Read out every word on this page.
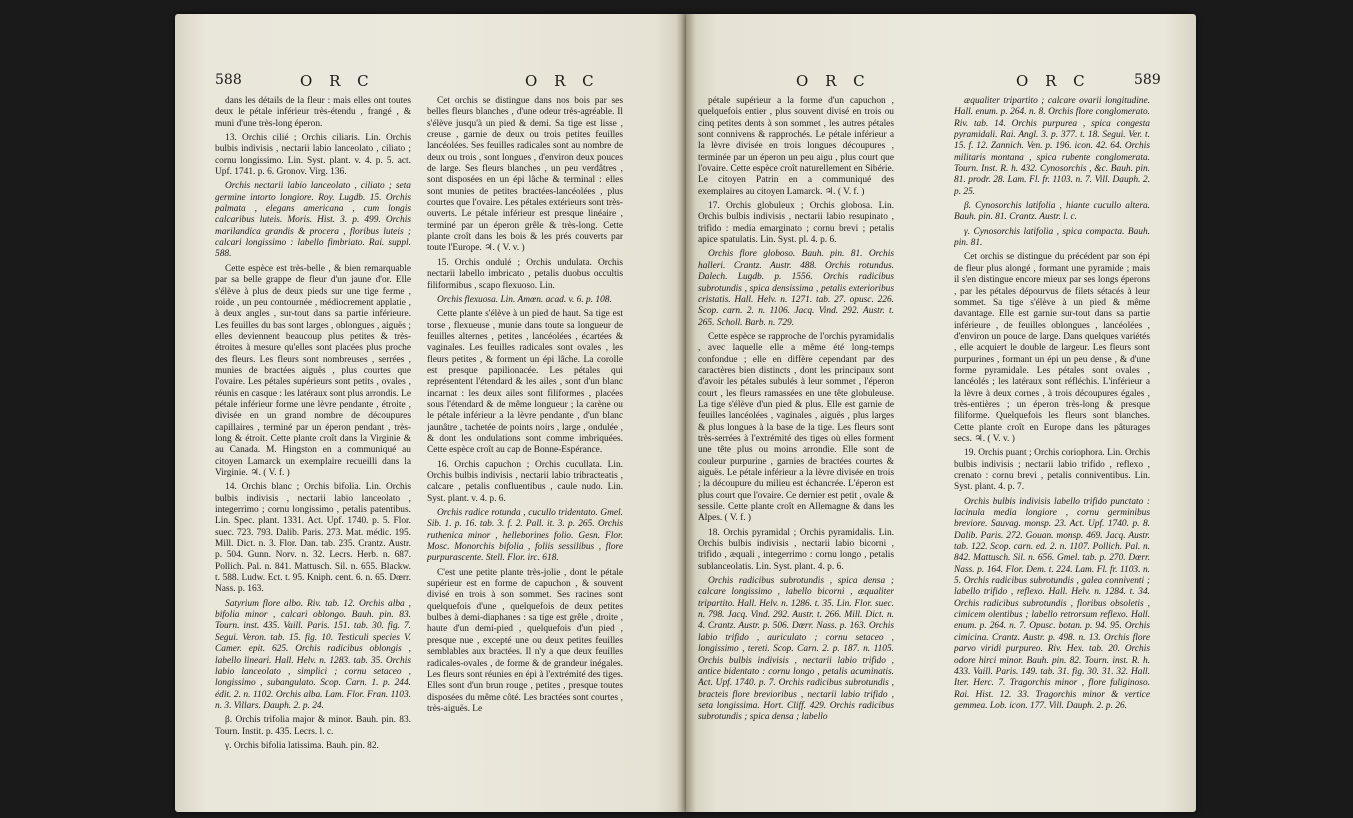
588	O R C	O R C

dans les détails de la fleur : mais elles ont toutes deux le pétale inférieur très-étendu , frangé , & muni d'une très-long éperon.

13. Orchis cilié ; Orchis ciliaris. Lin. Orchis bulbis indivisis , nectarii labio lanceolato , ciliato ; cornu longissimo. Lin. Syst. plant. v. 4. p. 5. act. Upf. 1741. p. 6. Gronov. Virg. 136.

Orchis nectarii labio lanceolato , ciliato ; seta germine intorto longiore. Roy. Lugdb. 15. Orchis palmata , elegans americana , cum longis calcaribus luteis. Moris. Hist. 3. p. 499. Orchis marilandica grandis & procera , floribus luteis ; calcari longissimo : labello fimbriato. Rai. suppl. 588.

Cette espèce est très-belle , & bien remarquable par sa belle grappe de fleur d'un jaune d'or. Elle s'élève à plus de deux pieds sur une tige ferme , roide , un peu contournée , médiocrement applatie , à deux angles , sur-tout dans sa partie inférieure. Les feuilles du bas sont larges , oblongues , aiguës ; elles deviennent beaucoup plus petites & très-étroites à mesure qu'elles sont placées plus proche des fleurs. Les fleurs sont nombreuses , serrées , munies de bractées aiguës , plus courtes que l'ovaire. Les pétales supérieurs sont petits , ovales , réunis en casque : les latéraux sont plus arrondis. Le pétale inférieur forme une lèvre pendante , étroite , divisée en un grand nombre de découpures capillaires , terminé par un éperon pendant , très-long & étroit. Cette plante croît dans la Virginie & au Canada. M. Hingston en a communiqué au citoyen Lamarck un exemplaire recueilli dans la Virginie. ♃. ( V. f. )

14. Orchis blanc ; Orchis bifolia. Lin. Orchis bulbis indivisis , nectarii labio lanceolato , integerrimo ; cornu longissimo , petalis patentibus. Lin. Spec. plant. 1331. Act. Upf. 1740. p. 5. Flor. suec. 723. 793. Dalib. Paris. 273. Mat. médic. 195. Mill. Dict. n. 3. Flor. Dan. tab. 235. Crantz. Austr. p. 504. Gunn. Norv. n. 32. Lecrs. Herb. n. 687. Pollich. Pal. n. 841. Mattusch. Sil. n. 655. Blackw. t. 588. Ludw. Ect. t. 95. Kniph. cent. 6. n. 65. Dœrr. Nass. p. 163.

Satyrium flore albo. Riv. tab. 12. Orchis alba , bifolia minor , calcari oblongo. Bauh. pin. 83. Tourn. inst. 435. Vaill. Paris. 151. tab. 30. fig. 7. Segui. Veron. tab. 15. fig. 10. Testiculi species V. Camer. epit. 625. Orchis radicibus oblongis , labello lineari. Hall. Helv. n. 1283. tab. 35. Orchis labio lanceolato , simplici ; cornu setaceo , longissimo , subangulato. Scop. Carn. 1. p. 244. édit. 2. n. 1102. Orchis alba. Lam. Flor. Fran. 1103. n. 3. Villars. Dauph. 2. p. 24.

β. Orchis trifolia major & minor. Bauh. pin. 83. Tourn. Instit. p. 435. Lecrs. l. c.

γ. Orchis bifolia latissima. Bauh. pin. 82.

Cet orchis se distingue dans nos bois par ses belles fleurs blanches , d'une odeur très-agréable. Il s'élève jusqu'à un pied & demi. Sa tige est lisse , creuse , garnie de deux ou trois petites feuilles lancéolées. Ses feuilles radicales sont au nombre de deux ou trois , sont longues , d'environ deux pouces de large. Ses fleurs blanches , un peu verdâtres , sont disposées en un épi lâche & terminal : elles sont munies de petites bractées-lancéolées , plus courtes que l'ovaire. Les pétales extérieurs sont très-ouverts. Le pétale inférieur est presque linéaire , terminé par un éperon grêle & très-long. Cette plante croît dans les bois & les prés couverts par toute l'Europe. ♃. ( V. v. )

15. Orchis ondulé ; Orchis undulata. Orchis nectarii labello imbricato , petalis duobus occultis filiformibus , scapo flexuoso. Lin.

Orchis flexuosa. Lin. Amœn. acad. v. 6. p. 108.

Cette plante s'élève à un pied de haut. Sa tige est torse , flexueuse , munie dans toute sa longueur de feuilles alternes , petites , lancéolées , écartées & vaginales. Les feuilles radicales sont ovales , les fleurs petites , & forment un épi lâche. La corolle est presque papilionacée. Les pétales qui représentent l'étendard & les ailes , sont d'un blanc incarnat : les deux ailes sont filiformes , placées sous l'étendard & de même longueur ; la carène ou le pétale inférieur a la lèvre pendante , d'un blanc jaunâtre , tachetée de points noirs , large , ondulée , & dont les ondulations sont comme imbriquées. Cette espèce croît au cap de Bonne-Espérance.

16. Orchis capuchon ; Orchis cucullata. Lin. Orchis bulbis indivisis , nectarii labio tribracteatis , calcare , petalis confluentibus , caule nudo. Lin. Syst. plant. v. 4. p. 6.

Orchis radice rotunda , cucullo tridentato. Gmel. Sib. 1. p. 16. tab. 3. f. 2. Pall. it. 3. p. 265. Orchis ruthenica minor , helleborines folio. Gesn. Flor. Mosc. Monorchis bifolia , foliis sessilibus , flore purpurascente. Stell. Flor. irc. 618.

C'est une petite plante très-jolie , dont le pétale supérieur est en forme de capuchon , & souvent divisé en trois à son sommet. Ses racines sont quelquefois d'une , quelquefois de deux petites bulbes à demi-diaphanes : sa tige est grêle , droite , haute d'un demi-pied , quelquefois d'un pied , presque nue , excepté une ou deux petites feuilles semblables aux bractées. Il n'y a que deux feuilles radicales-ovales , de forme & de grandeur inégales. Les fleurs sont réunies en épi à l'extrémité des tiges. Elles sont d'un brun rouge , petites , presque toutes disposées du même côté. Les bractées sont courtes , très-aiguës. Le

O R C	O R C	589

pétale supérieur a la forme d'un capuchon , quelquefois entier , plus souvent divisé en trois ou cinq petites dents à son sommet , les autres pétales sont connivens & rapprochés. Le pétale inférieur a la lèvre divisée en trois longues découpures , terminée par un éperon un peu aigu , plus court que l'ovaire. Cette espèce croît naturellement en Sibérie. Le citoyen Patrin en a communiqué des exemplaires au citoyen Lamarck. ♃. ( V. f. )

17. Orchis globuleux ; Orchis globosa. Lin. Orchis bulbis indivisis , nectarii labio resupinato , trifido : media emarginato ; cornu brevi ; petalis apice spatulatis. Lin. Syst. pl. 4. p. 6.

Orchis flore globoso. Bauh. pin. 81. Orchis halleri. Crantz. Austr. 488. Orchis rotundus. Dalech. Lugdb. p. 1556. Orchis radicibus subrotundis , spica densissima , petalis exterioribus cristatis. Hall. Helv. n. 1271. tab. 27. opusc. 226. Scop. carn. 2. n. 1106. Jacq. Vind. 292. Austr. t. 265. Scholl. Barb. n. 729.

Cette espèce se rapproche de l'orchis pyramidalis , avec laquelle elle a même été long-temps confondue ; elle en diffère cependant par des caractères bien distincts , dont les principaux sont d'avoir les pétales subulés à leur sommet , l'éperon court , les fleurs ramassées en une tête globuleuse. La tige s'élève d'un pied & plus. Elle est garnie de feuilles lancéolées , vaginales , aiguës , plus larges & plus longues à la base de la tige. Les fleurs sont très-serrées à l'extrémité des tiges où elles forment une tête plus ou moins arrondie. Elle sont de couleur purpurine , garnies de bractées courtes & aiguës. Le pétale inférieur a la lèvre divisée en trois ; la découpure du milieu est échancrée. L'éperon est plus court que l'ovaire. Ce dernier est petit , ovale & sessile. Cette plante croît en Allemagne & dans les Alpes. ( V. f. )

18. Orchis pyramidal ; Orchis pyramidalis. Lin. Orchis bulbis indivisis , nectarii labio bicorni , trifido , æquali , integerrimo : cornu longo , petalis sublanceolatis. Lin. Syst. plant. 4. p. 6.

Orchis radicibus subrotundis , spica densa ; calcare longissimo , labello bicorni , æqualiter tripartito. Hall. Helv. n. 1286. t. 35. Lin. Flor. suec. n. 798. Jacq. Vind. 292. Austr. t. 266. Mill. Dict. n. 4. Crantz. Austr. p. 506. Dœrr. Nass. p. 163. Orchis labio trifido , auriculato ; cornu setaceo , longissimo , tereti. Scop. Carn. 2. p. 187. n. 1105. Orchis bulbis indivisis , nectarii labio trifido , antice bidentato : cornu longo , petalis acuminatis. Act. Upf. 1740. p. 7. Orchis radicibus subrotundis , bracteis flore brevioribus , nectarii labio trifido , seta longissima. Hort. Cliff. 429. Orchis radicibus subrotundis ; spica densa ; labello

æqualiter tripartito ; calcare ovarii longitudine. Hall. enum. p. 264. n. 8. Orchis flore conglomerato. Riv. tab. 14. Orchis purpurea , spica congesta pyramidali. Rai. Angl. 3. p. 377. t. 18. Segui. Ver. t. 15. f. 12. Zannich. Ven. p. 196. icon. 42. 64. Orchis militaris montana , spica rubente conglomerata. Tourn. Inst. R. h. 432. Cynosorchis , &c. Bauh. pin. 81. prodr. 28. Lam. Fl. fr. 1103. n. 7. Vill. Dauph. 2. p. 25.

β. Cynosorchis latifolia , hiante cucullo altera. Bauh. pin. 81. Crantz. Austr. l. c.

γ. Cynosorchis latifolia , spica compacta. Bauh. pin. 81.

Cet orchis se distingue du précédent par son épi de fleur plus alongé , formant une pyramide ; mais il s'en distingue encore mieux par ses longs éperons , par les pétales dépourvus de filets sétacés à leur sommet. Sa tige s'élève à un pied & même davantage. Elle est garnie sur-tout dans sa partie inférieure , de feuilles oblongues , lancéolées , d'environ un pouce de large. Dans quelques variétés , elle acquiert le double de largeur. Les fleurs sont purpurines , formant un épi un peu dense , & d'une forme pyramidale. Les pétales sont ovales , lancéolés ; les latéraux sont réfléchis. L'inférieur a la lèvre à deux cornes , à trois découpures égales , très-entières ; un éperon très-long & presque filiforme. Quelquefois les fleurs sont blanches. Cette plante croît en Europe dans les pâturages secs. ♃. ( V. v. )

19. Orchis puant ; Orchis coriophora. Lin. Orchis bulbis indivisis ; nectarii labio trifido , reflexo , crenato : cornu brevi , petalis conniventibus. Lin. Syst. plant. 4. p. 7.

Orchis bulbis indivisis labello trifido punctato : lacinula media longiore , cornu germinibus breviore. Sauvag. monsp. 23. Act. Upf. 1740. p. 8. Dalib. Paris. 272. Gouan. monsp. 469. Jacq. Austr. tab. 122. Scop. carn. ed. 2. n. 1107. Pollich. Pal. n. 842. Mattusch. Sil. n. 656. Gmel. tab. p. 270. Dœrr. Nass. p. 164. Flor. Dem. t. 224. Lam. Fl. fr. 1103. n. 5. Orchis radicibus subrotundis , galea conniventi ; labello trifido , reflexo. Hall. Helv. n. 1284. t. 34. Orchis radicibus subrotundis , floribus obsoletis , cimicem olentibus ; labello retrorsum reflexo. Hall. enum. p. 264. n. 7. Opusc. botan. p. 94. 95. Orchis cimicina. Crantz. Austr. p. 498. n. 13. Orchis flore parvo viridi purpureo. Riv. Hex. tab. 20. Orchis odore hirci minor. Bauh. pin. 82. Tourn. inst. R. h. 433. Vaill. Paris. 149. tab. 31. fig. 30. 31. 32. Hall. Iter. Herc. 7. Tragorchis minor , flore fuliginoso. Rai. Hist. 12. 33. Tragorchis minor & vertice gemmea. Lob. icon. 177. Vill. Dauph. 2. p. 26.
